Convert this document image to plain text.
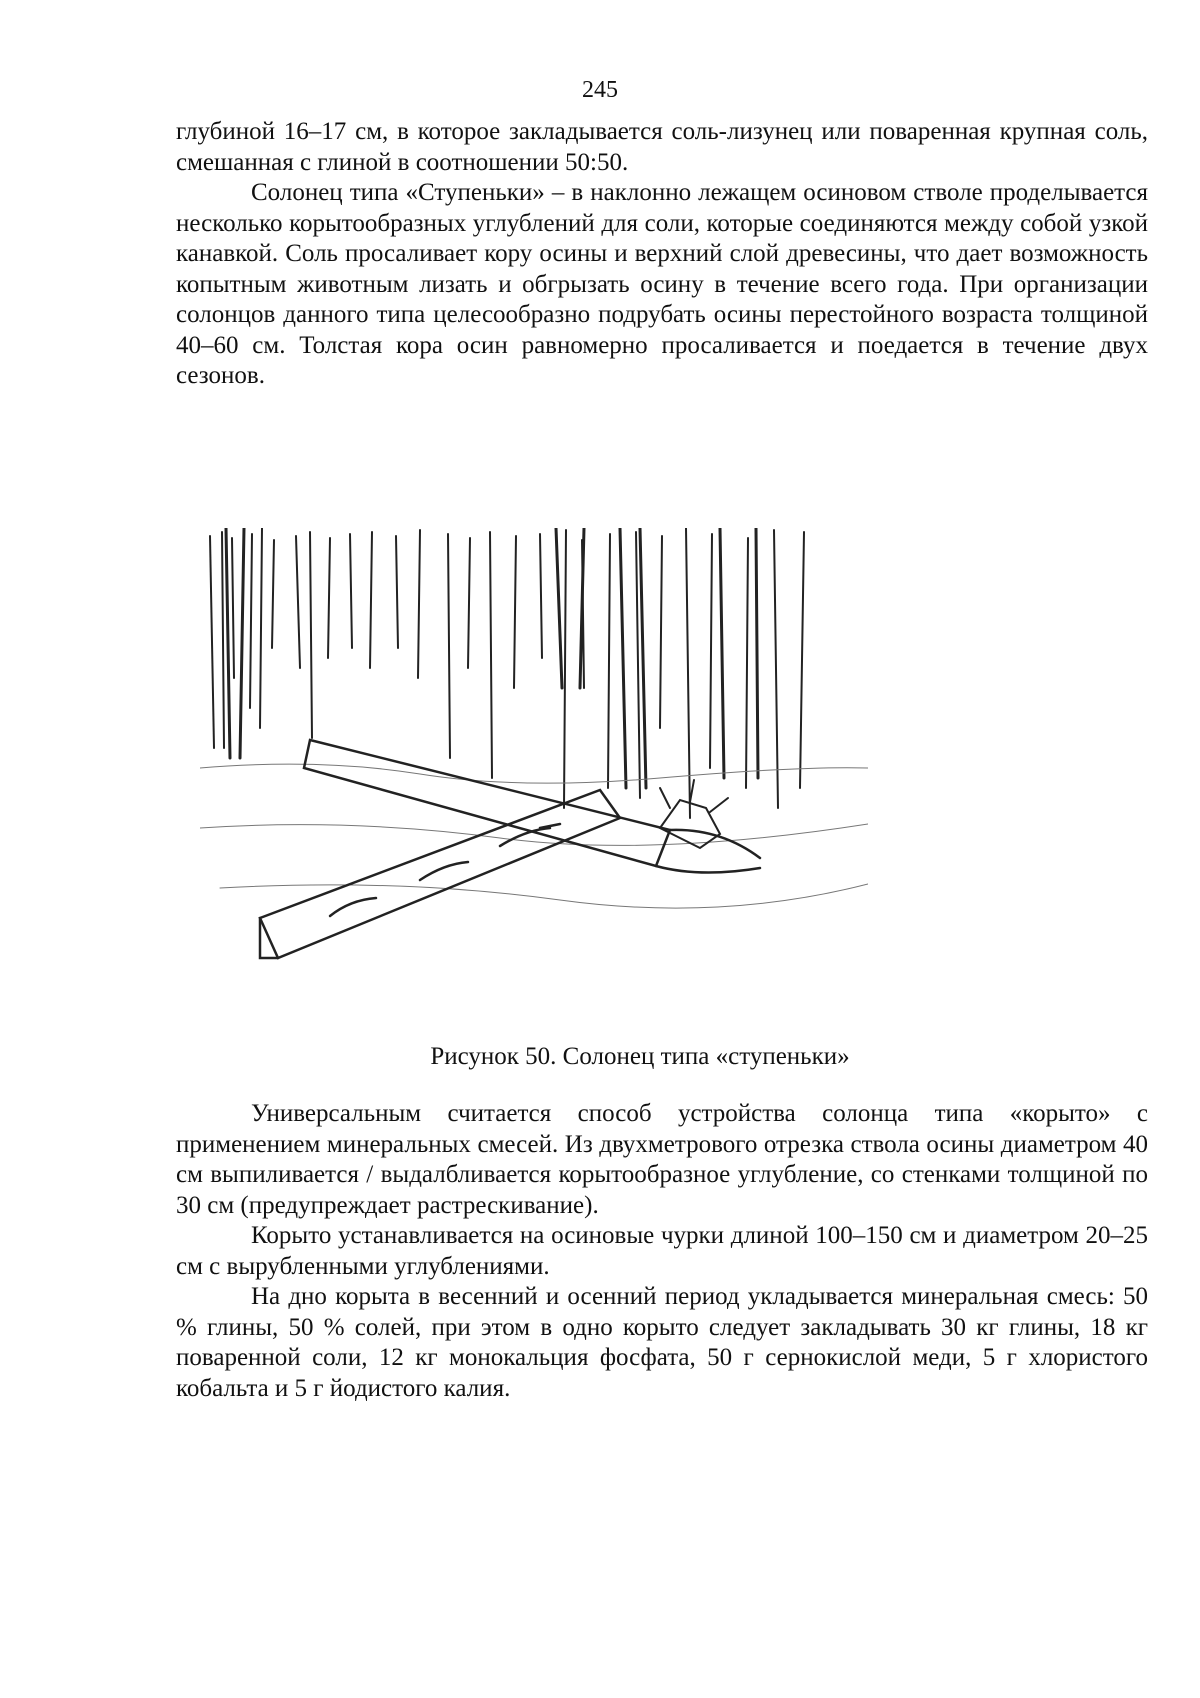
245

глубиной 16–17 см, в которое закладывается соль-лизунец или поваренная крупная соль, смешанная с глиной в соотношении 50:50.

Солонец типа «Ступеньки» – в наклонно лежащем осиновом стволе проделывается несколько корытообразных углублений для соли, которые соединяются между собой узкой канавкой. Соль просаливает кору осины и верхний слой древесины, что дает возможность копытным животным лизать и обгрызать осину в течение всего года. При организации солонцов данного типа целесообразно подрубать осины перестойного возраста толщиной 40–60 см. Толстая кора осин равномерно просаливается и поедается в течение двух сезонов.

Рисунок 50. Солонец типа «ступеньки»

Универсальным считается способ устройства солонца типа «корыто» с применением минеральных смесей. Из двухметрового отрезка ствола осины диаметром 40 см выпиливается / выдалбливается корытообразное углубление, со стенками толщиной по 30 см (предупреждает растрескивание).

Корыто устанавливается на осиновые чурки длиной 100–150 см и диаметром 20–25 см с вырубленными углублениями.

На дно корыта в весенний и осенний период укладывается минеральная смесь: 50 % глины, 50 % солей, при этом в одно корыто следует закладывать 30 кг глины, 18 кг поваренной соли, 12 кг монокальция фосфата, 50 г сернокислой меди, 5 г хлористого кобальта и 5 г йодистого калия.
